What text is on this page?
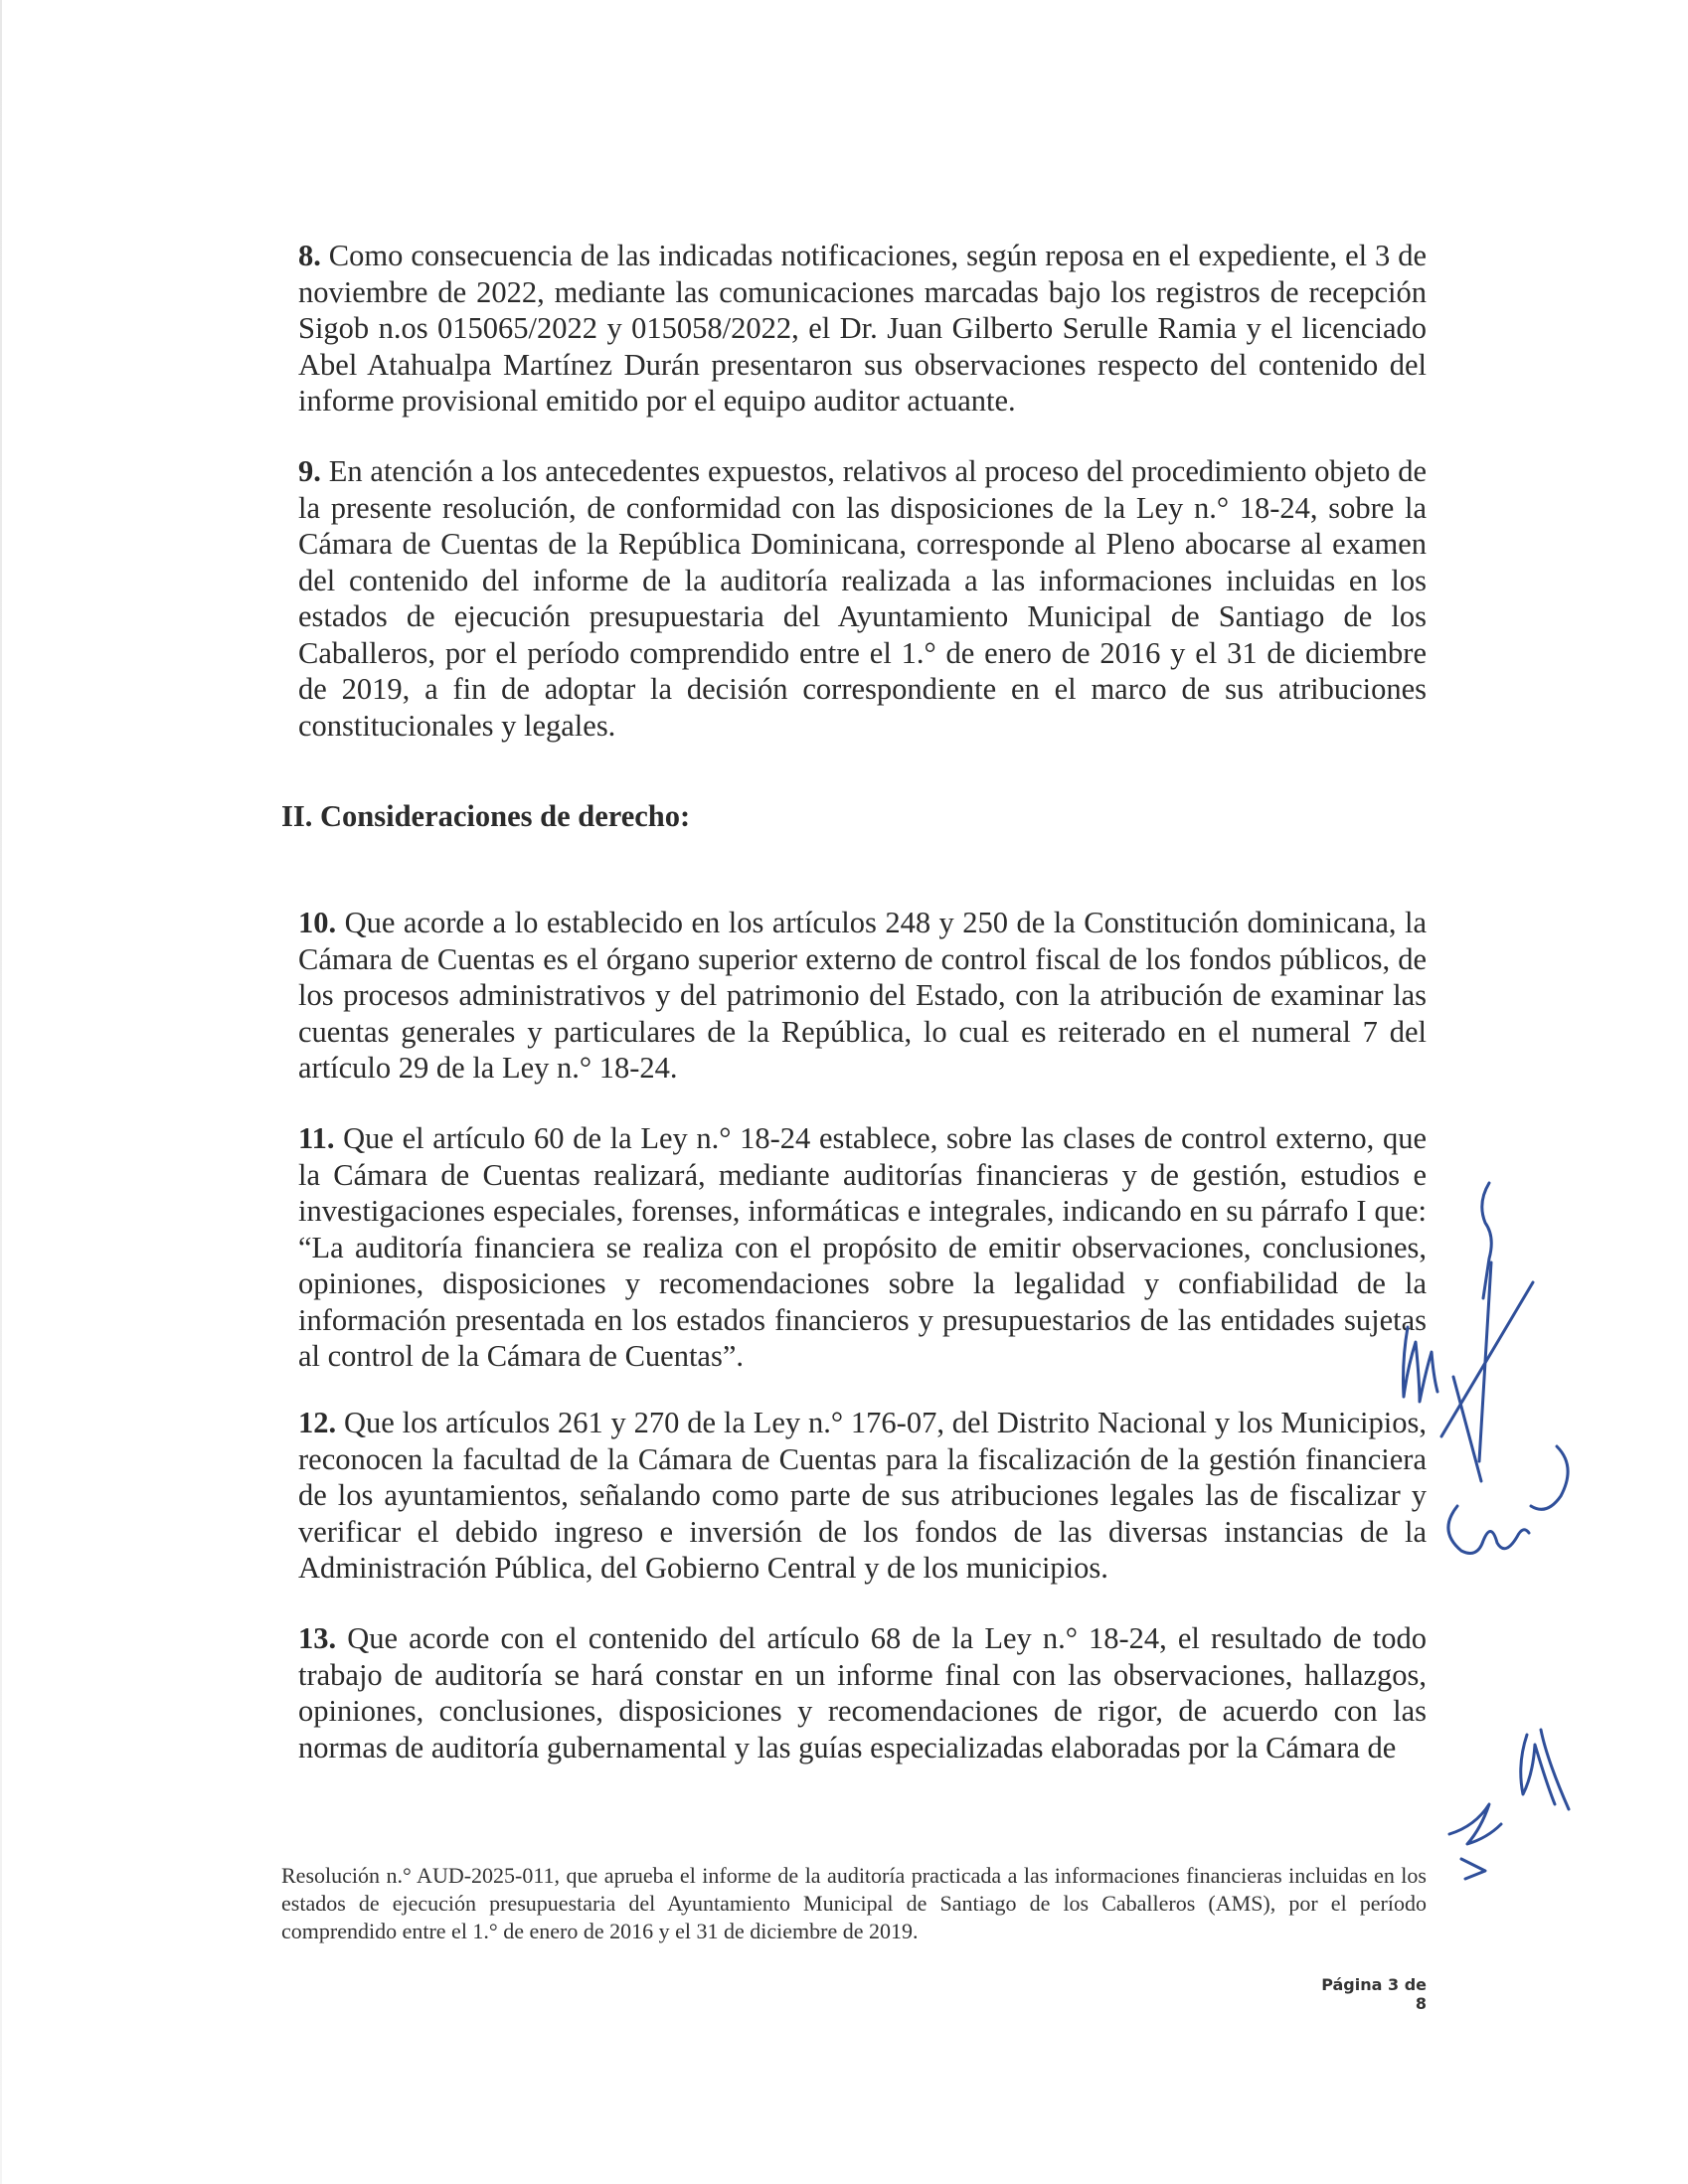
8. Como consecuencia de las indicadas notificaciones, según reposa en el expediente, el 3 de noviembre de 2022, mediante las comunicaciones marcadas bajo los registros de recepción Sigob n.os 015065/2022 y 015058/2022, el Dr. Juan Gilberto Serulle Ramia y el licenciado Abel Atahualpa Martínez Durán presentaron sus observaciones respecto del contenido del informe provisional emitido por el equipo auditor actuante.

9. En atención a los antecedentes expuestos, relativos al proceso del procedimiento objeto de la presente resolución, de conformidad con las disposiciones de la Ley n.° 18-24, sobre la Cámara de Cuentas de la República Dominicana, corresponde al Pleno abocarse al examen del contenido del informe de la auditoría realizada a las informaciones incluidas en los estados de ejecución presupuestaria del Ayuntamiento Municipal de Santiago de los Caballeros, por el período comprendido entre el 1.° de enero de 2016 y el 31 de diciembre de 2019, a fin de adoptar la decisión correspondiente en el marco de sus atribuciones constitucionales y legales.

II. Consideraciones de derecho:

10. Que acorde a lo establecido en los artículos 248 y 250 de la Constitución dominicana, la Cámara de Cuentas es el órgano superior externo de control fiscal de los fondos públicos, de los procesos administrativos y del patrimonio del Estado, con la atribución de examinar las cuentas generales y particulares de la República, lo cual es reiterado en el numeral 7 del artículo 29 de la Ley n.° 18-24.

11. Que el artículo 60 de la Ley n.° 18-24 establece, sobre las clases de control externo, que la Cámara de Cuentas realizará, mediante auditorías financieras y de gestión, estudios e investigaciones especiales, forenses, informáticas e integrales, indicando en su párrafo I que: “La auditoría financiera se realiza con el propósito de emitir observaciones, conclusiones, opiniones, disposiciones y recomendaciones sobre la legalidad y confiabilidad de la información presentada en los estados financieros y presupuestarios de las entidades sujetas al control de la Cámara de Cuentas”.

12. Que los artículos 261 y 270 de la Ley n.° 176-07, del Distrito Nacional y los Municipios, reconocen la facultad de la Cámara de Cuentas para la fiscalización de la gestión financiera de los ayuntamientos, señalando como parte de sus atribuciones legales las de fiscalizar y verificar el debido ingreso e inversión de los fondos de las diversas instancias de la Administración Pública, del Gobierno Central y de los municipios.

13. Que acorde con el contenido del artículo 68 de la Ley n.° 18-24, el resultado de todo trabajo de auditoría se hará constar en un informe final con las observaciones, hallazgos, opiniones, conclusiones, disposiciones y recomendaciones de rigor, de acuerdo con las normas de auditoría gubernamental y las guías especializadas elaboradas por la Cámara de

Resolución n.° AUD-2025-011, que aprueba el informe de la auditoría practicada a las informaciones financieras incluidas en los estados de ejecución presupuestaria del Ayuntamiento Municipal de Santiago de los Caballeros (AMS), por el período comprendido entre el 1.° de enero de 2016 y el 31 de diciembre de 2019.

Página 3 de 8
